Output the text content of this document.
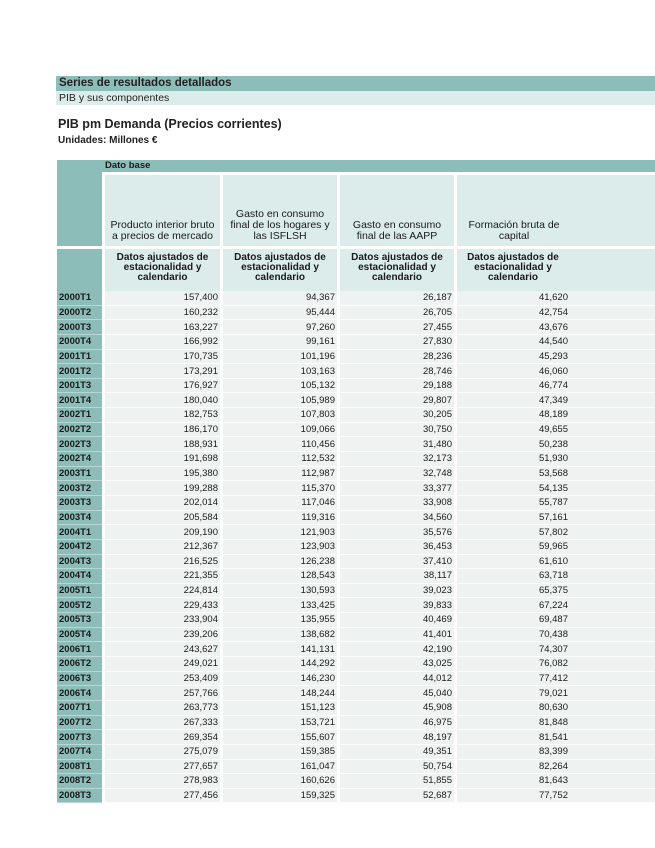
Series de resultados detallados
PIB y sus componentes
PIB pm Demanda (Precios corrientes)
Unidades: Millones €
	Dato base			

	Producto interior bruto a precios de mercado	Gasto en consumo final de los hogares y las ISFLSH	Gasto en consumo final de las AAPP	Formación bruta de capital

	Datos ajustados de estacionalidad y calendario	Datos ajustados de estacionalidad y calendario	Datos ajustados de estacionalidad y calendario	Datos ajustados de estacionalidad y calendario

2000T1	157,400	94,367	26,187	41,620

2000T2	160,232	95,444	26,705	42,754

2000T3	163,227	97,260	27,455	43,676

2000T4	166,992	99,161	27,830	44,540

2001T1	170,735	101,196	28,236	45,293

2001T2	173,291	103,163	28,746	46,060

2001T3	176,927	105,132	29,188	46,774

2001T4	180,040	105,989	29,807	47,349

2002T1	182,753	107,803	30,205	48,189

2002T2	186,170	109,066	30,750	49,655

2002T3	188,931	110,456	31,480	50,238

2002T4	191,698	112,532	32,173	51,930

2003T1	195,380	112,987	32,748	53,568

2003T2	199,288	115,370	33,377	54,135

2003T3	202,014	117,046	33,908	55,787

2003T4	205,584	119,316	34,560	57,161

2004T1	209,190	121,903	35,576	57,802

2004T2	212,367	123,903	36,453	59,965

2004T3	216,525	126,238	37,410	61,610

2004T4	221,355	128,543	38,117	63,718

2005T1	224,814	130,593	39,023	65,375

2005T2	229,433	133,425	39,833	67,224

2005T3	233,904	135,955	40,469	69,487

2005T4	239,206	138,682	41,401	70,438

2006T1	243,627	141,131	42,190	74,307

2006T2	249,021	144,292	43,025	76,082

2006T3	253,409	146,230	44,012	77,412

2006T4	257,766	148,244	45,040	79,021

2007T1	263,773	151,123	45,908	80,630

2007T2	267,333	153,721	46,975	81,848

2007T3	269,354	155,607	48,197	81,541

2007T4	275,079	159,385	49,351	83,399

2008T1	277,657	161,047	50,754	82,264

2008T2	278,983	160,626	51,855	81,643

2008T3	277,456	159,325	52,687	77,752
